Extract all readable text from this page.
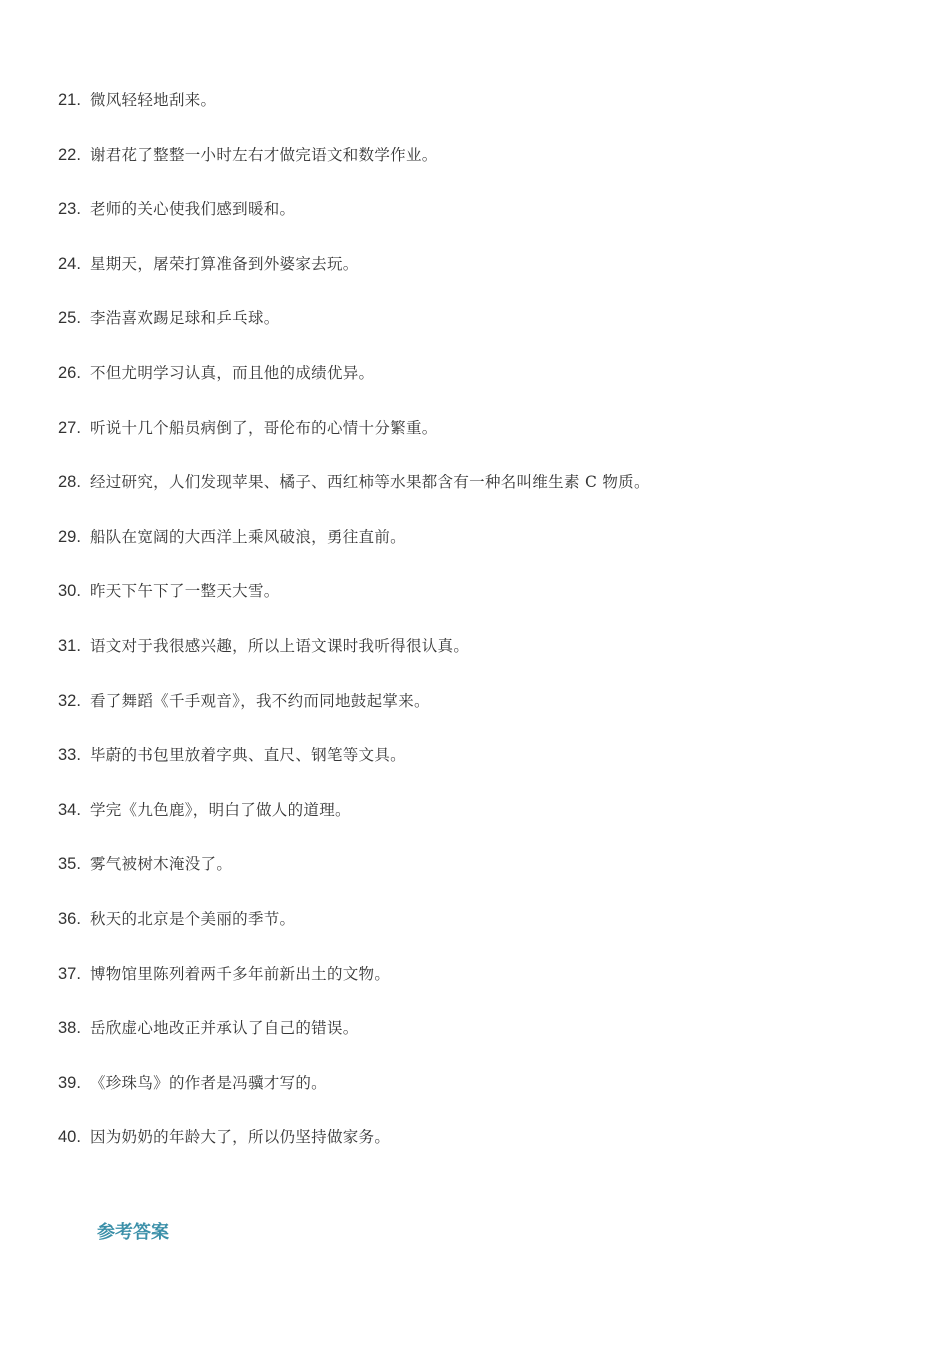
21. 微风轻轻地刮来。
22. 谢君花了整整一小时左右才做完语文和数学作业。
23. 老师的关心使我们感到暖和。
24. 星期天，屠荣打算准备到外婆家去玩。
25. 李浩喜欢踢足球和乒乓球。
26. 不但尤明学习认真，而且他的成绩优异。
27. 听说十几个船员病倒了，哥伦布的心情十分繁重。
28. 经过研究，人们发现苹果、橘子、西红柿等水果都含有一种名叫维生素 C 物质。
29. 船队在宽阔的大西洋上乘风破浪，勇往直前。
30. 昨天下午下了一整天大雪。
31. 语文对于我很感兴趣，所以上语文课时我听得很认真。
32. 看了舞蹈《千手观音》，我不约而同地鼓起掌来。
33. 毕蔚的书包里放着字典、直尺、钢笔等文具。
34. 学完《九色鹿》，明白了做人的道理。
35. 雾气被树木淹没了。
36. 秋天的北京是个美丽的季节。
37. 博物馆里陈列着两千多年前新出土的文物。
38. 岳欣虚心地改正并承认了自己的错误。
39. 《珍珠鸟》的作者是冯骥才写的。
40. 因为奶奶的年龄大了，所以仍坚持做家务。
参考答案
